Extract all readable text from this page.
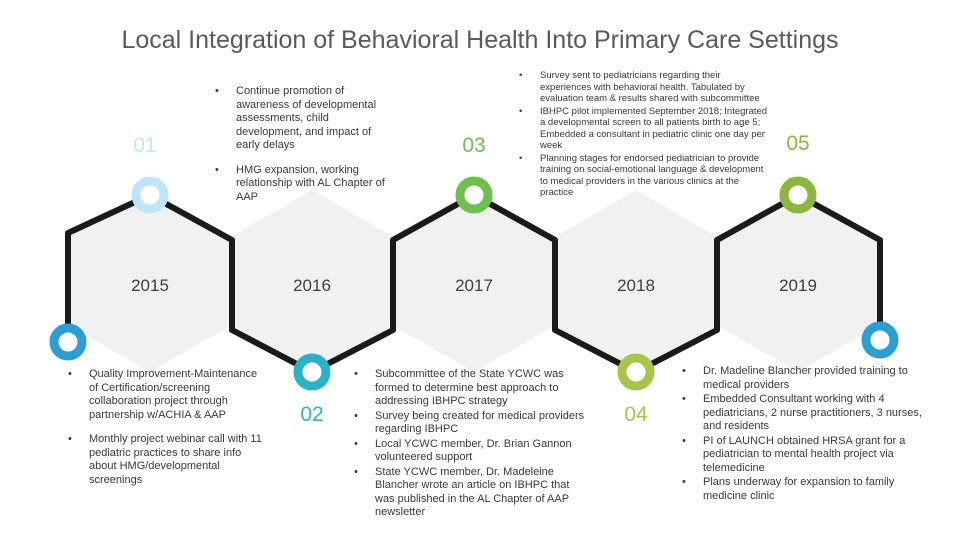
Local Integration of Behavioral Health Into Primary Care Settings
2015	2016	2017	2018	2019
01
02
03
04
05
• Continue promotion of awareness of developmental assessments, child development, and impact of early delays
• HMG expansion, working relationship with AL Chapter of AAP
• Quality Improvement-Maintenance of Certification/screening collaboration project through partnership w/ACHIA & AAP
• Monthly project webinar call with 11 pediatric practices to share info about HMG/developmental screenings
• Subcommittee of the State YCWC was formed to determine best approach to addressing IBHPC strategy
• Survey being created for medical providers regarding IBHPC
• Local YCWC member, Dr. Brian Gannon volunteered support
• State YCWC member, Dr. Madeleine Blancher wrote an article on IBHPC that was published in the AL Chapter of AAP newsletter
• Survey sent to pediatricians regarding their experiences with behavioral health. Tabulated by evaluation team & results shared with subcommittee
• IBHPC pilot implemented September 2018; Integrated a developmental screen to all patients birth to age 5; Embedded a consultant in pediatric clinic one day per week
• Planning stages for endorsed pediatrician to provide training on social-emotional language & development to medical providers in the various clinics at the practice
• Dr. Madeline Blancher provided training to medical providers
• Embedded Consultant working with 4 pediatricians, 2 nurse practitioners, 3 nurses, and residents
• PI of LAUNCH obtained HRSA grant for a pediatrician to mental health project via telemedicine
• Plans underway for expansion to family medicine clinic
